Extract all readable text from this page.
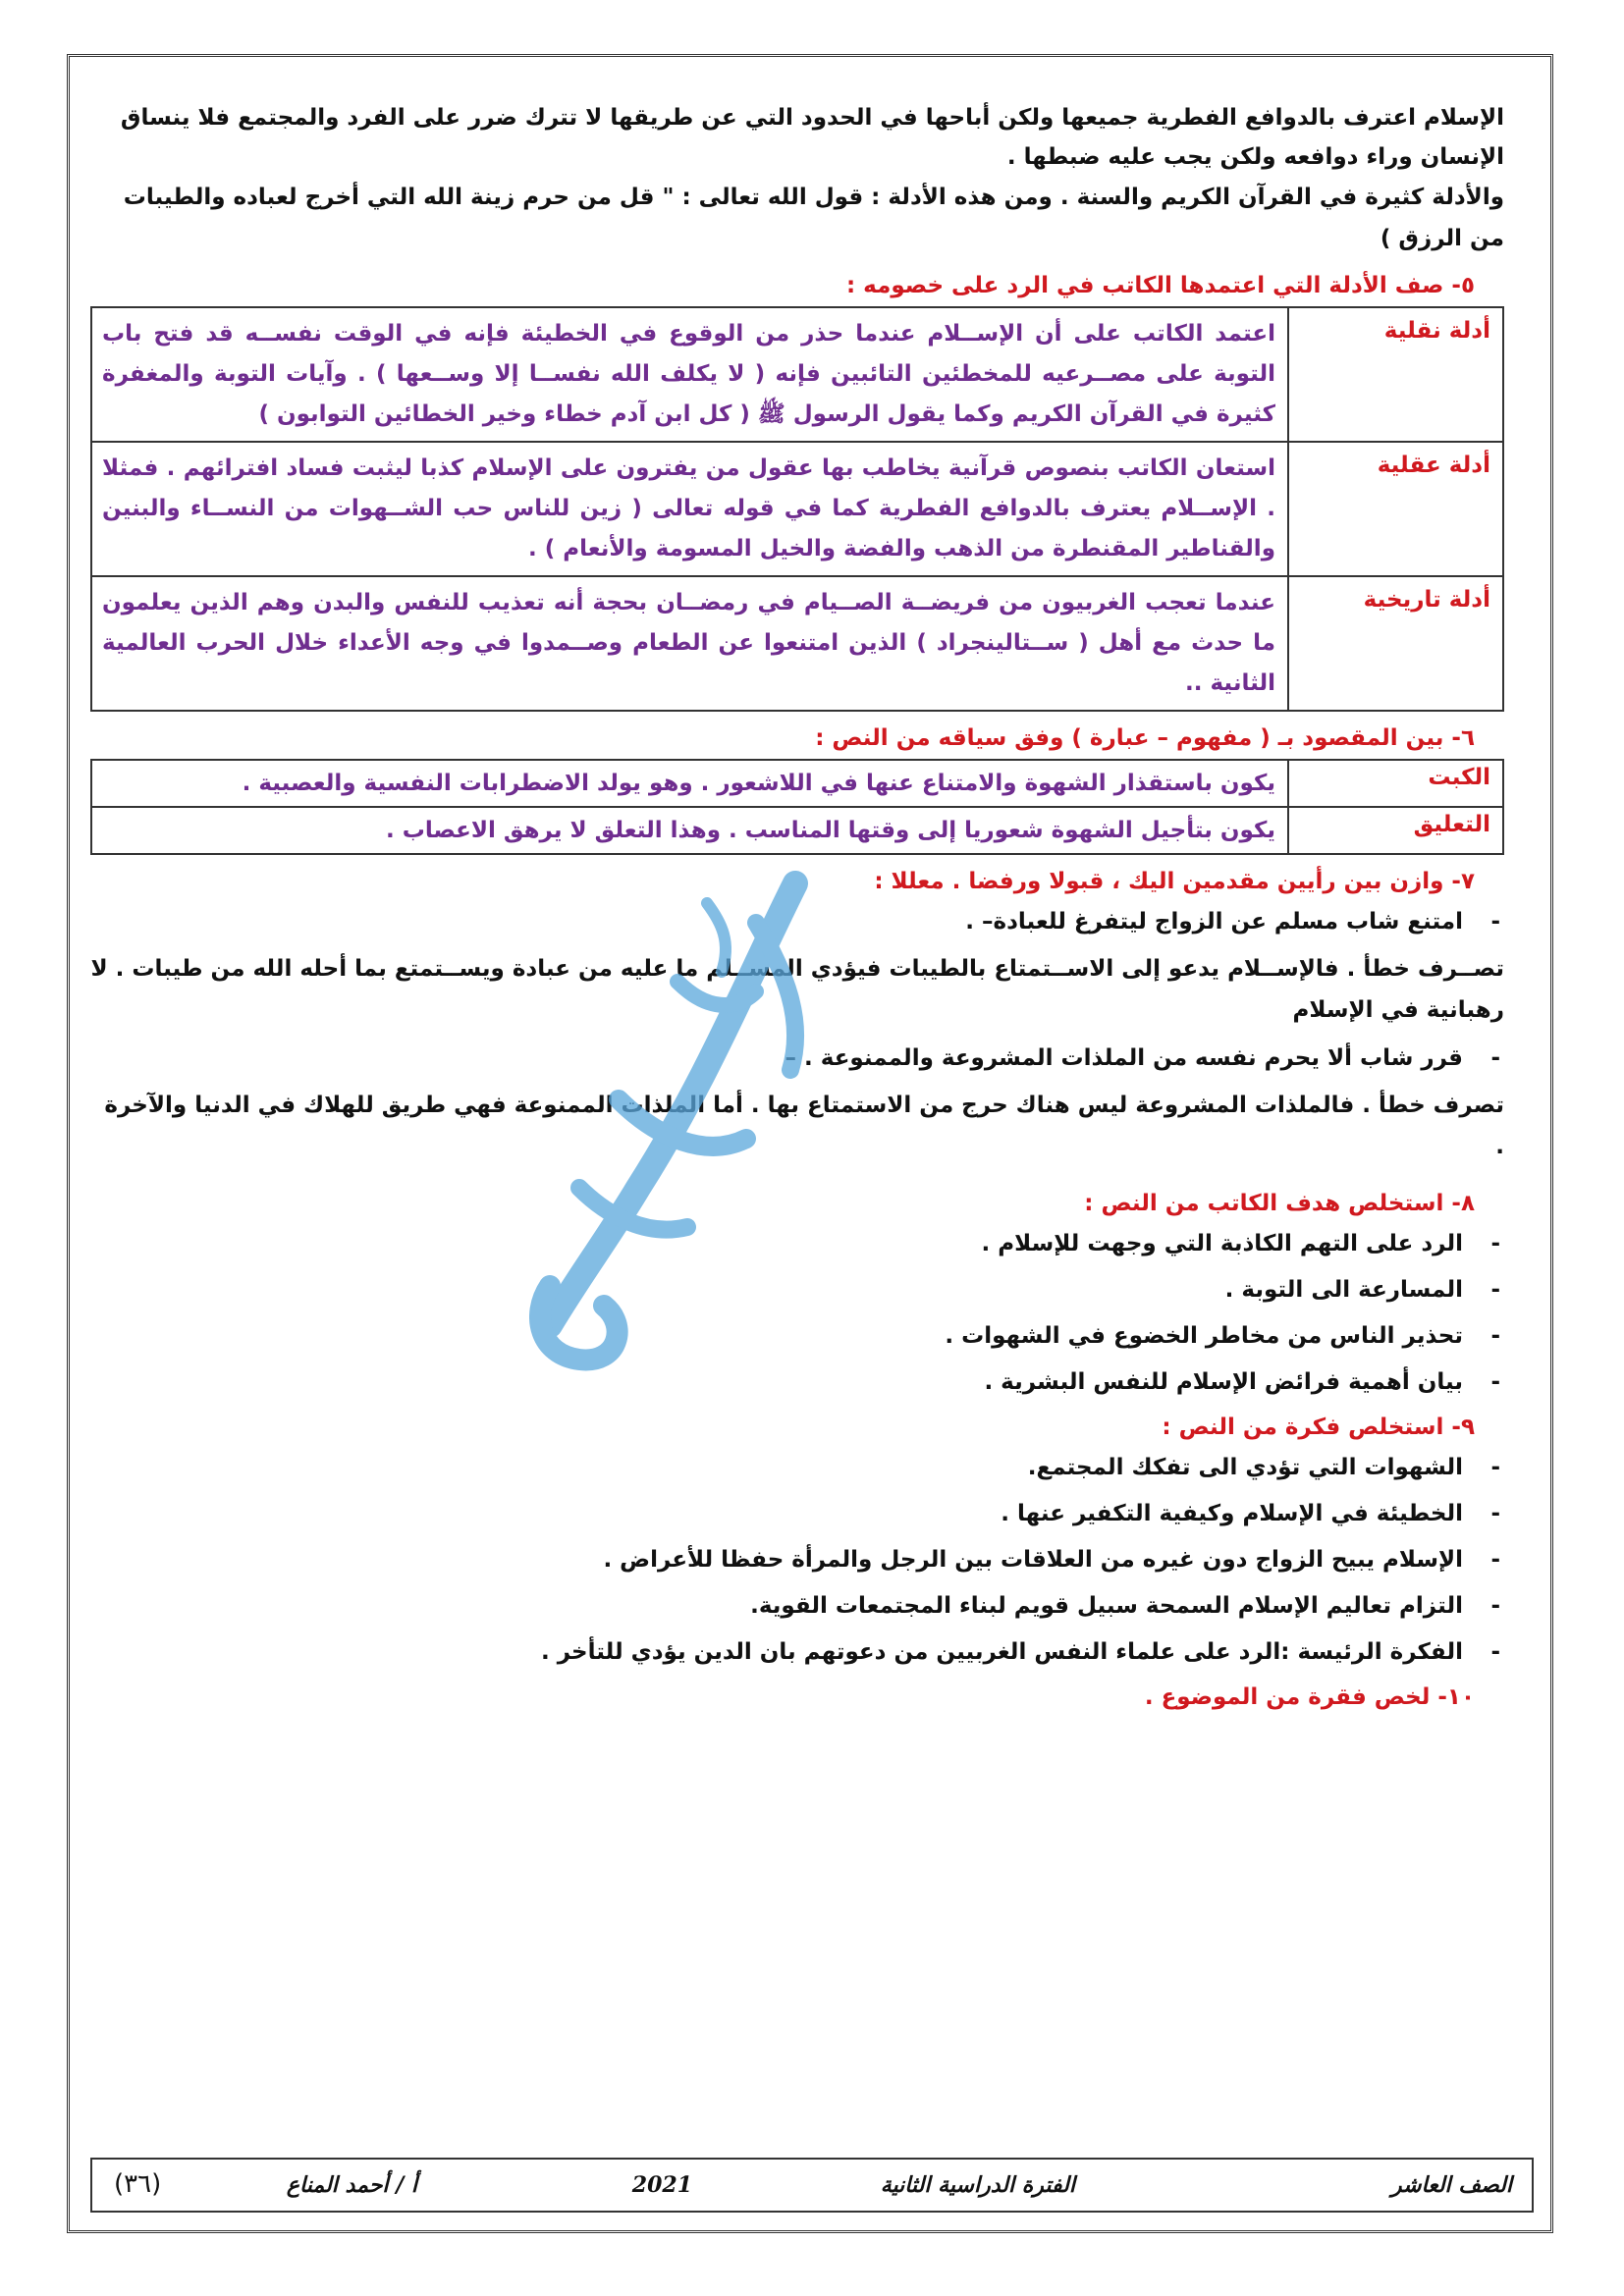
الإسلام اعترف بالدوافع الفطرية جميعها ولكن أباحها في الحدود التي عن طريقها لا تترك ضرر على الفرد والمجتمع فلا ينساق الإنسان وراء دوافعه ولكن يجب عليه ضبطها .

والأدلة كثيرة في القرآن الكريم والسنة . ومن هذه الأدلة : قول الله تعالى : " قل من حرم زينة الله التي أخرج لعباده والطيبات من الرزق )

٥- صف الأدلة التي اعتمدها الكاتب في الرد على خصومه :
أدلة نقلية	اعتمد الكاتب على أن الإســلام عندما حذر من الوقوع في الخطيئة فإنه في الوقت نفســه قد فتح باب التوبة على مصــرعيه للمخطئين التائبين فإنه ( لا يكلف الله نفســا إلا وســعها ) . وآيات التوبة والمغفرة كثيرة في القرآن الكريم وكما يقول الرسول ﷺ ( كل ابن آدم خطاء وخير الخطائين التوابون )
أدلة عقلية	استعان الكاتب بنصوص قرآنية يخاطب بها عقول من يفترون على الإسلام كذبا ليثبت فساد افترائهم . فمثلا . الإســلام يعترف بالدوافع الفطرية كما في قوله تعالى ( زين للناس حب الشــهوات من النســاء والبنين والقناطير المقنطرة من الذهب والفضة والخيل المسومة والأنعام ) .
أدلة تاريخية	عندما تعجب الغربيون من فريضــة الصــيام في رمضــان بحجة أنه تعذيب للنفس والبدن وهم الذين يعلمون ما حدث مع أهل ( ســتالينجراد ) الذين امتنعوا عن الطعام وصــمدوا في وجه الأعداء خلال الحرب العالمية الثانية ..
٦- بين المقصود بـ ( مفهوم – عبارة ) وفق سياقه من النص :
الكبت	يكون باستقذار الشهوة والامتناع عنها في اللاشعور . وهو يولد الاضطرابات النفسية والعصبية .
التعليق	يكون بتأجيل الشهوة شعوريا إلى وقتها المناسب . وهذا التعلق لا يرهق الاعصاب .
٧- وازن بين رأيين مقدمين اليك ، قبولا ورفضا . معللا :
- امتنع شاب مسلم عن الزواج ليتفرغ للعبادة– .

تصــرف خطأ . فالإســلام يدعو إلى الاســتمتاع بالطيبات فيؤدي المســلم ما عليه من عبادة ويســتمتع بما أحله الله من طيبات . لا رهبانية في الإسلام

- قرر شاب ألا يحرم نفسه من الملذات المشروعة والممنوعة . –

تصرف خطأ . فالملذات المشروعة ليس هناك حرج من الاستمتاع بها . أما الملذات الممنوعة فهي طريق للهلاك في الدنيا والآخرة .

٨- استخلص هدف الكاتب من النص :
- الرد على التهم الكاذبة التي وجهت للإسلام .
- المسارعة الى التوبة .
- تحذير الناس من مخاطر الخضوع في الشهوات .
- بيان أهمية فرائض الإسلام للنفس البشرية .
٩- استخلص فكرة من النص :
- الشهوات التي تؤدي الى تفكك المجتمع.
- الخطيئة في الإسلام وكيفية التكفير عنها .
- الإسلام يبيح الزواج دون غيره من العلاقات بين الرجل والمرأة حفظا للأعراض .
- التزام تعاليم الإسلام السمحة سبيل قويم لبناء المجتمعات القوية.
- الفكرة الرئيسة :الرد على علماء النفس الغربيين من دعوتهم بان الدين يؤدي للتأخر .
١٠- لخص فقرة من الموضوع .
الصف العاشر
الفترة الدراسية الثانية
2021
أ / أحمد المناع
(٣٦)
